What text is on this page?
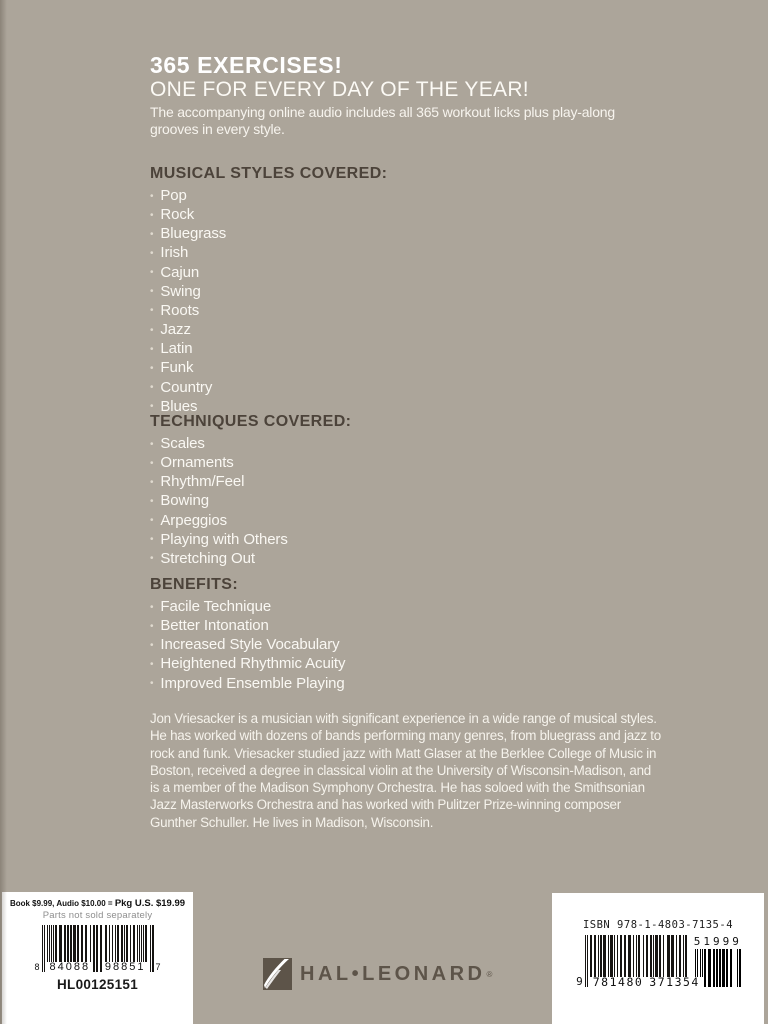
365 EXERCISES!
ONE FOR EVERY DAY OF THE YEAR!

The accompanying online audio includes all 365 workout licks plus play-along grooves in every style.

MUSICAL STYLES COVERED:
• Pop
• Rock
• Bluegrass
• Irish
• Cajun
• Swing
• Roots
• Jazz
• Latin
• Funk
• Country
• Blues
TECHNIQUES COVERED:
• Scales
• Ornaments
• Rhythm/Feel
• Bowing
• Arpeggios
• Playing with Others
• Stretching Out
BENEFITS:
• Facile Technique
• Better Intonation
• Increased Style Vocabulary
• Heightened Rhythmic Acuity
• Improved Ensemble Playing

Jon Vriesacker is a musician with significant experience in a wide range of musical styles. He has worked with dozens of bands performing many genres, from bluegrass and jazz to rock and funk. Vriesacker studied jazz with Matt Glaser at the Berklee College of Music in Boston, received a degree in classical violin at the University of Wisconsin-Madison, and is a member of the Madison Symphony Orchestra. He has soloed with the Smithsonian Jazz Masterworks Orchestra and has worked with Pulitzer Prize-winning composer Gunther Schuller. He lives in Madison, Wisconsin.

Book $9.99, Audio $10.00 = Pkg U.S. $19.99
Parts not sold separately
8 84088 98851	7
HL00125151	HAL•LEONARD ®
ISBN 978-1-4803-7135-4
9 781480 371354
51999
